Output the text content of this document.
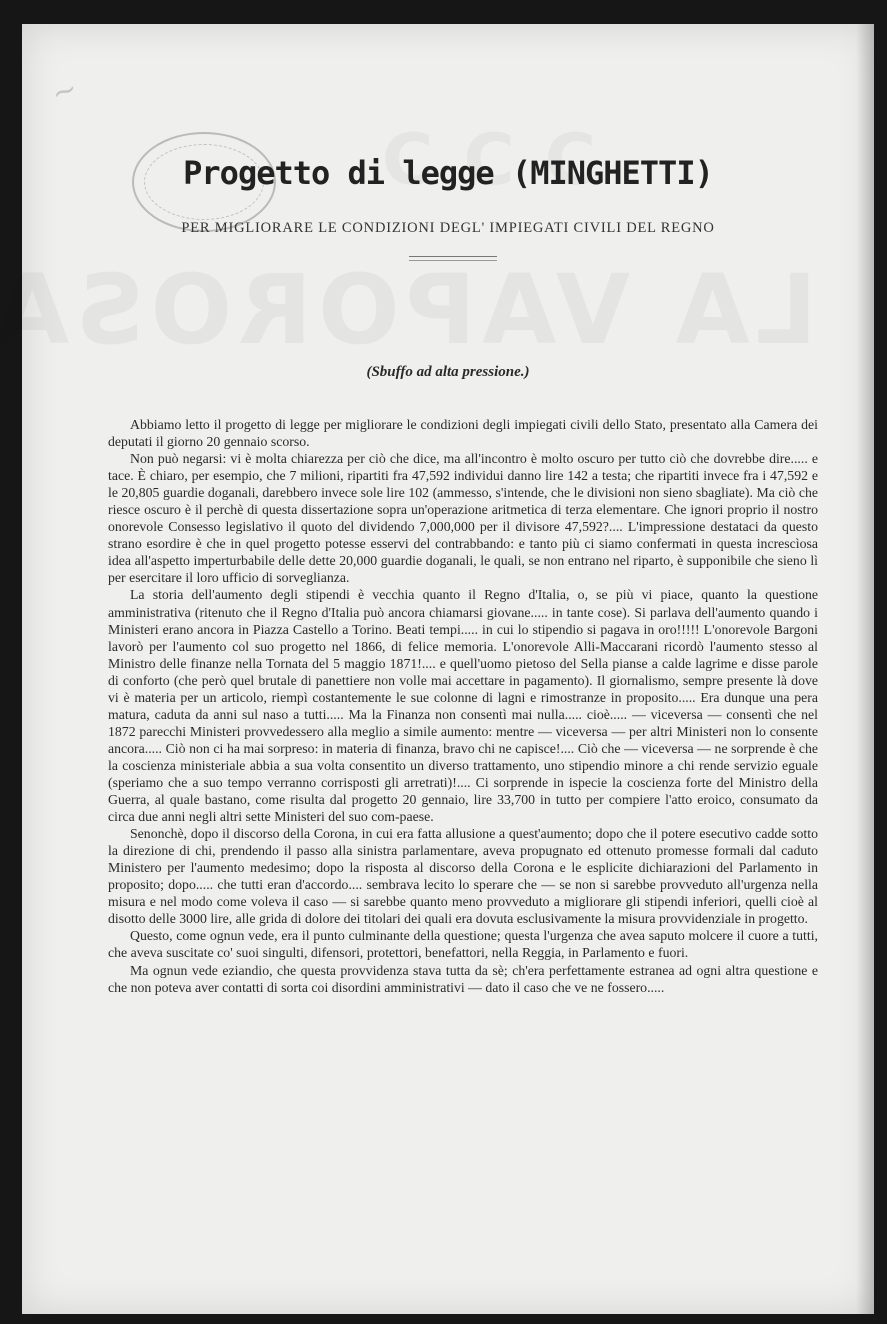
~
Progetto di legge (MINGHETTI)
PER MIGLIORARE LE CONDIZIONI DEGL' IMPIEGATI CIVILI DEL REGNO
(Sbuffo ad alta pressione.)

Abbiamo letto il progetto di legge per migliorare le condizioni degli impiegati civili dello Stato, presentato alla Camera dei deputati il giorno 20 gennaio scorso.

Non può negarsi: vi è molta chiarezza per ciò che dice, ma all'incontro è molto oscuro per tutto ciò che dovrebbe dire..... e tace. È chiaro, per esempio, che 7 milioni, ripartiti fra 47,592 individui danno lire 142 a testa; che ripartiti invece fra i 47,592 e le 20,805 guardie doganali, darebbero invece sole lire 102 (ammesso, s'intende, che le divisioni non sieno sbagliate). Ma ciò che riesce oscuro è il perchè di questa dissertazione sopra un'operazione aritmetica di terza elementare. Che ignori proprio il nostro onorevole Consesso legislativo il quoto del dividendo 7,000,000 per il divisore 47,592?.... L'impressione destataci da questo strano esordire è che in quel progetto potesse esservi del contrabbando: e tanto più ci siamo confermati in questa increscìosa idea all'aspetto imperturbabile delle dette 20,000 guardie doganali, le quali, se non entrano nel riparto, è supponibile che sieno lì per esercitare il loro ufficio di sorveglianza.

La storia dell'aumento degli stipendi è vecchia quanto il Regno d'Italia, o, se più vi piace, quanto la questione amministrativa (ritenuto che il Regno d'Italia può ancora chiamarsi giovane..... in tante cose). Si parlava dell'aumento quando i Ministeri erano ancora in Piazza Castello a Torino. Beati tempi..... in cui lo stipendio si pagava in oro!!!!! L'onorevole Bargoni lavorò per l'aumento col suo progetto nel 1866, di felice memoria. L'onorevole Alli-Maccarani ricordò l'aumento stesso al Ministro delle finanze nella Tornata del 5 maggio 1871!.... e quell'uomo pietoso del Sella pianse a calde lagrime e disse parole di conforto (che però quel brutale di panettiere non volle mai accettare in pagamento). Il giornalismo, sempre presente là dove vi è materia per un articolo, riempì costantemente le sue colonne di lagni e rimostranze in proposito..... Era dunque una pera matura, caduta da anni sul naso a tutti..... Ma la Finanza non consentì mai nulla..... cioè..... — viceversa — consentì che nel 1872 parecchi Ministeri provvedessero alla meglio a simile aumento: mentre — viceversa — per altri Ministeri non lo consente ancora..... Ciò non ci ha mai sorpreso: in materia di finanza, bravo chi ne capisce!.... Ciò che — viceversa — ne sorprende è che la coscienza ministeriale abbia a sua volta consentito un diverso trattamento, uno stipendio minore a chi rende servizio eguale (speriamo che a suo tempo verranno corrisposti gli arretrati)!.... Ci sorprende in ispecie la coscienza forte del Ministro della Guerra, al quale bastano, come risulta dal progetto 20 gennaio, lire 33,700 in tutto per compiere l'atto eroico, consumato da circa due anni negli altri sette Ministeri del suo com-paese.

Senonchè, dopo il discorso della Corona, in cui era fatta allusione a quest'aumento; dopo che il potere esecutivo cadde sotto la direzione di chi, prendendo il passo alla sinistra parlamentare, aveva propugnato ed ottenuto promesse formali dal caduto Ministero per l'aumento medesimo; dopo la risposta al discorso della Corona e le esplicite dichiarazioni del Parlamento in proposito; dopo..... che tutti eran d'accordo.... sembrava lecito lo sperare che — se non si sarebbe provveduto all'urgenza nella misura e nel modo come voleva il caso — si sarebbe quanto meno provveduto a migliorare gli stipendi inferiori, quelli cioè al disotto delle 3000 lire, alle grida di dolore dei titolari dei quali era dovuta esclusivamente la misura provvidenziale in progetto.

Questo, come ognun vede, era il punto culminante della questione; questa l'urgenza che avea saputo molcere il cuore a tutti, che aveva suscitate co' suoi singulti, difensori, protettori, benefattori, nella Reggia, in Parlamento e fuori.

Ma ognun vede eziandio, che questa provvidenza stava tutta da sè; ch'era perfettamente estranea ad ogni altra questione e che non poteva aver contatti di sorta coi disordini amministrativi — dato il caso che ve ne fossero.....
